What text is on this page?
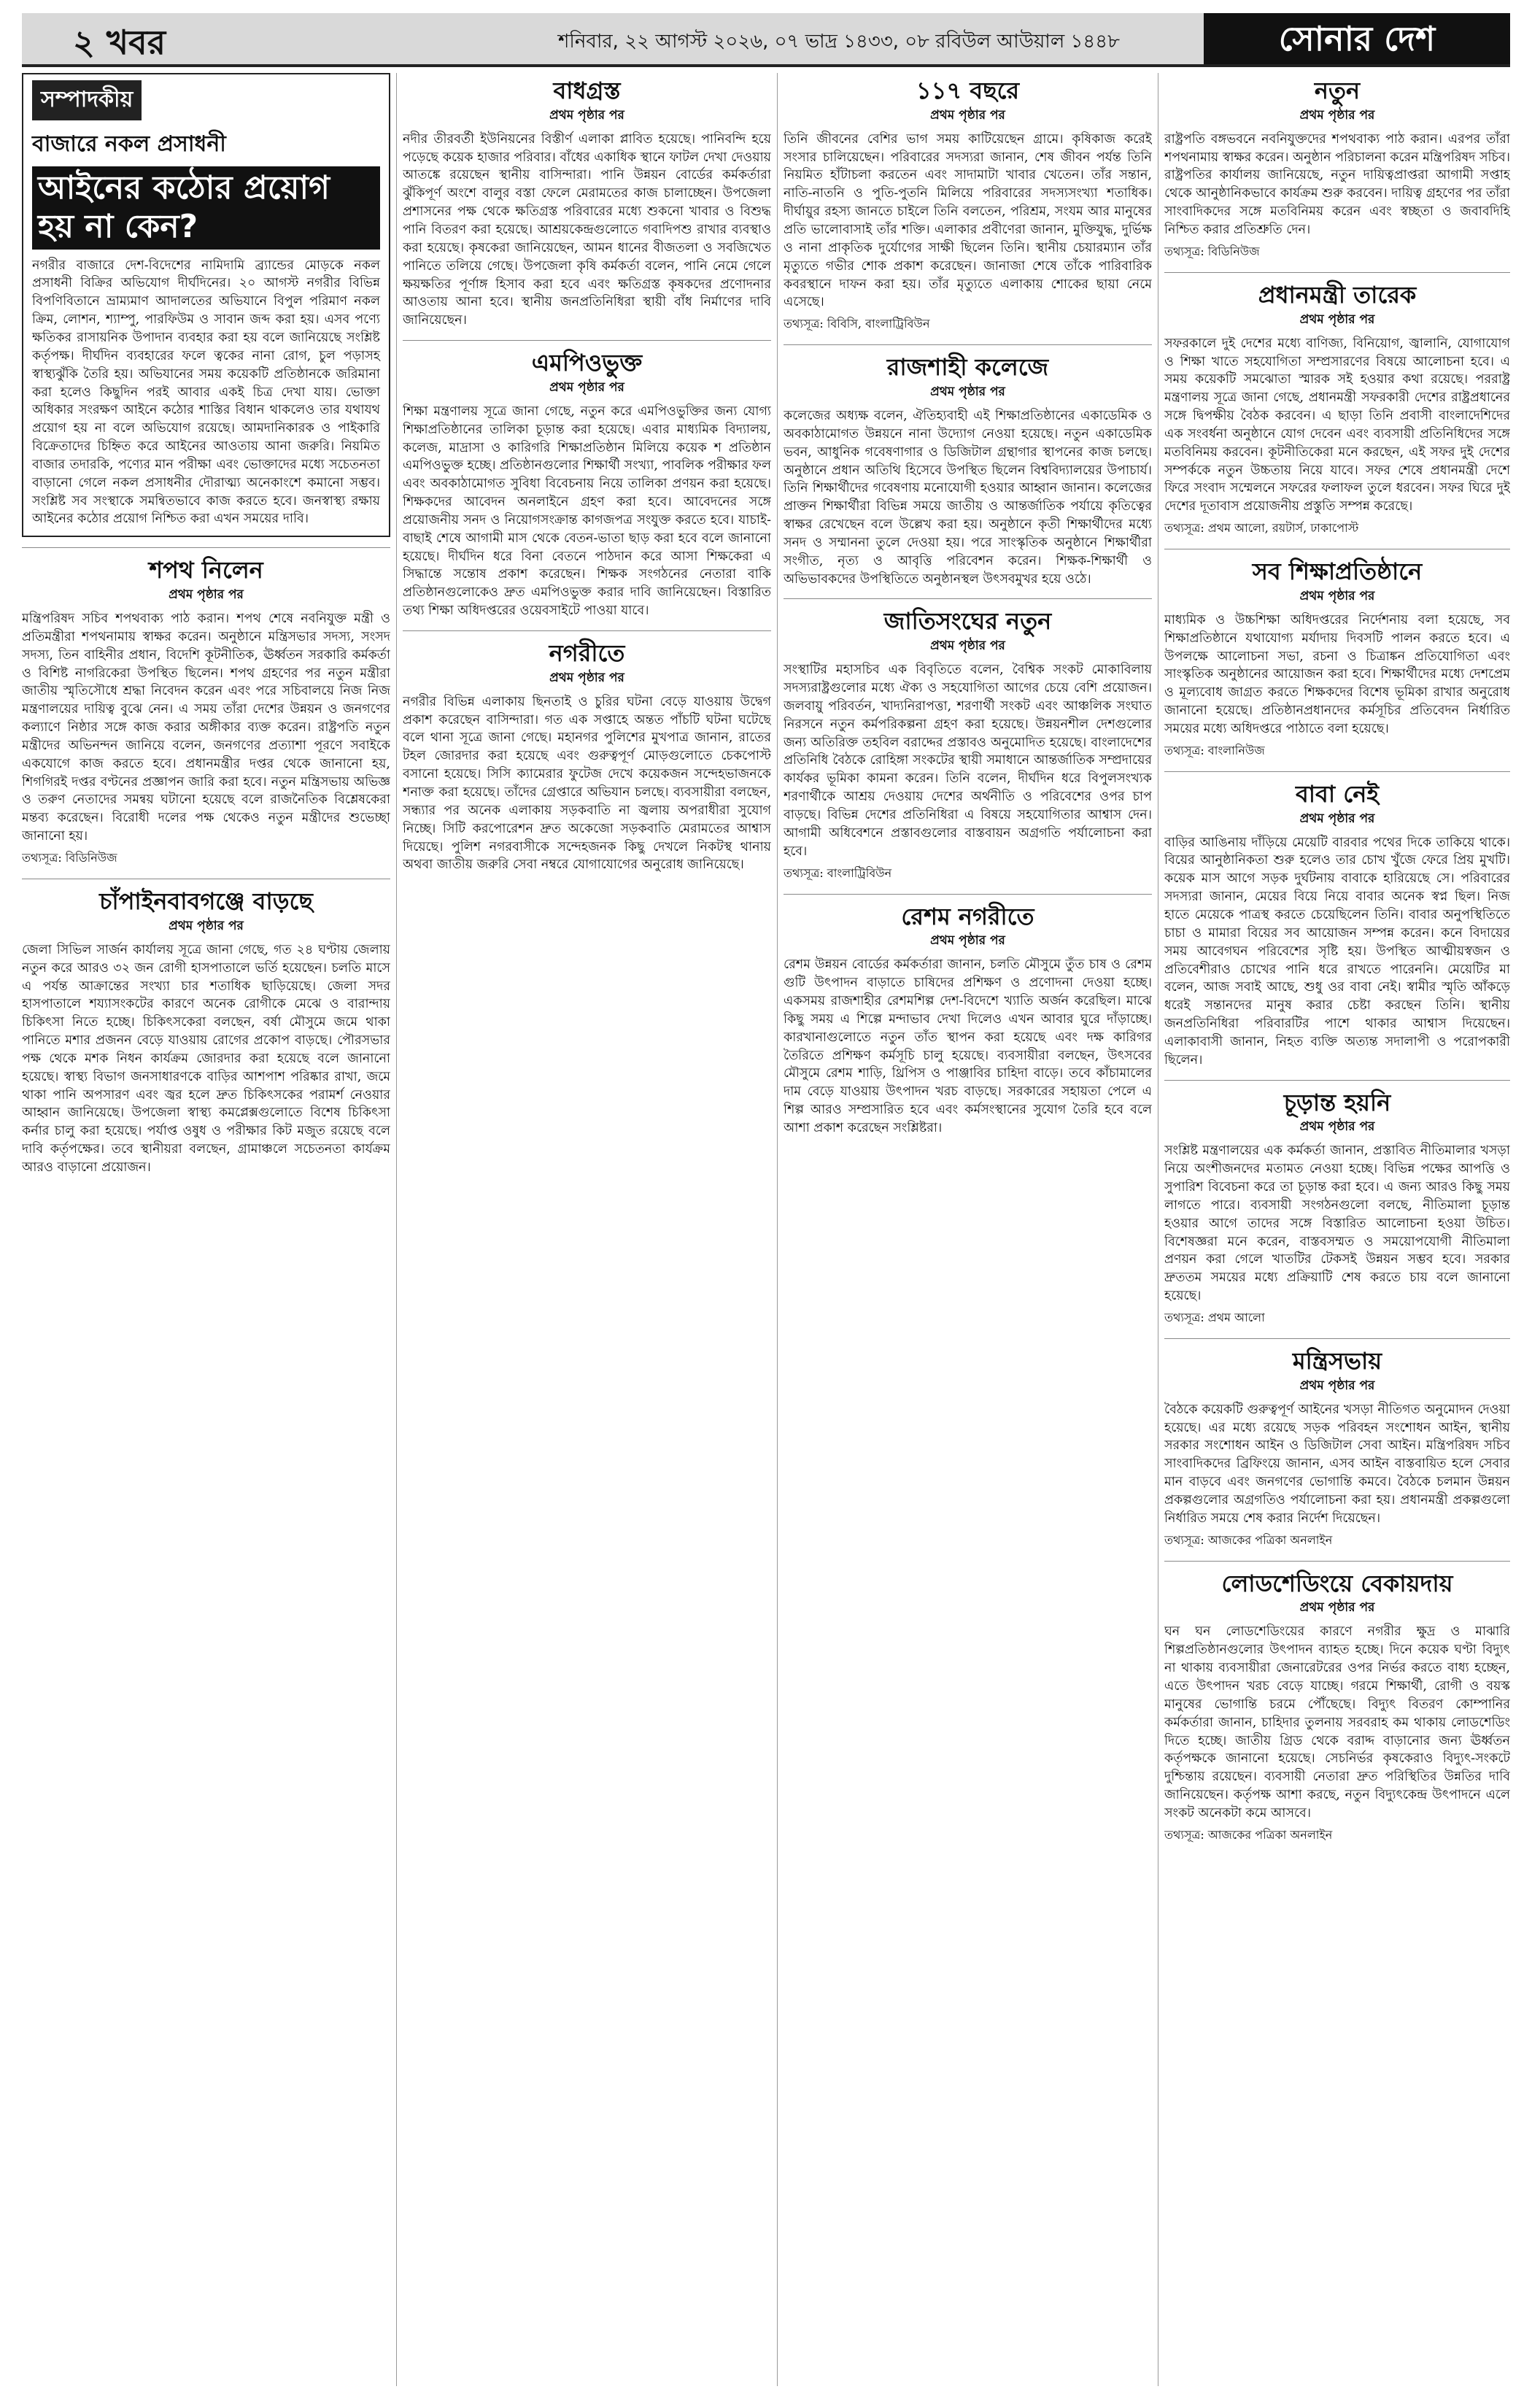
২ খবর	শনিবার, ২২ আগস্ট ২০২৬, ০৭ ভাদ্র ১৪৩৩, ০৮ রবিউল আউয়াল ১৪৪৮	সোনার দেশ
সম্পাদকীয়
বাজারে নকল প্রসাধনী
আইনের কঠোর প্রয়োগ হয় না কেন?

নগরীর বাজারে দেশ-বিদেশের নামিদামি ব্র্যান্ডের মোড়কে নকল প্রসাধনী বিক্রির অভিযোগ দীর্ঘদিনের। ২০ আগস্ট নগরীর বিভিন্ন বিপণিবিতানে ভ্রাম্যমাণ আদালতের অভিযানে বিপুল পরিমাণ নকল ক্রিম, লোশন, শ্যাম্পু, পারফিউম ও সাবান জব্দ করা হয়। এসব পণ্যে ক্ষতিকর রাসায়নিক উপাদান ব্যবহার করা হয় বলে জানিয়েছে সংশ্লিষ্ট কর্তৃপক্ষ। দীর্ঘদিন ব্যবহারের ফলে ত্বকের নানা রোগ, চুল পড়াসহ স্বাস্থ্যঝুঁকি তৈরি হয়। অভিযানের সময় কয়েকটি প্রতিষ্ঠানকে জরিমানা করা হলেও কিছুদিন পরই আবার একই চিত্র দেখা যায়। ভোক্তা অধিকার সংরক্ষণ আইনে কঠোর শাস্তির বিধান থাকলেও তার যথাযথ প্রয়োগ হয় না বলে অভিযোগ রয়েছে। আমদানিকারক ও পাইকারি বিক্রেতাদের চিহ্নিত করে আইনের আওতায় আনা জরুরি। নিয়মিত বাজার তদারকি, পণ্যের মান পরীক্ষা এবং ভোক্তাদের মধ্যে সচেতনতা বাড়ানো গেলে নকল প্রসাধনীর দৌরাত্ম্য অনেকাংশে কমানো সম্ভব। সংশ্লিষ্ট সব সংস্থাকে সমন্বিতভাবে কাজ করতে হবে। জনস্বাস্থ্য রক্ষায় আইনের কঠোর প্রয়োগ নিশ্চিত করা এখন সময়ের দাবি।

শপথ নিলেন
প্রথম পৃষ্ঠার পর

মন্ত্রিপরিষদ সচিব শপথবাক্য পাঠ করান। শপথ শেষে নবনিযুক্ত মন্ত্রী ও প্রতিমন্ত্রীরা শপথনামায় স্বাক্ষর করেন। অনুষ্ঠানে মন্ত্রিসভার সদস্য, সংসদ সদস্য, তিন বাহিনীর প্রধান, বিদেশি কূটনীতিক, ঊর্ধ্বতন সরকারি কর্মকর্তা ও বিশিষ্ট নাগরিকেরা উপস্থিত ছিলেন। শপথ গ্রহণের পর নতুন মন্ত্রীরা জাতীয় স্মৃতিসৌধে শ্রদ্ধা নিবেদন করেন এবং পরে সচিবালয়ে নিজ নিজ মন্ত্রণালয়ের দায়িত্ব বুঝে নেন। এ সময় তাঁরা দেশের উন্নয়ন ও জনগণের কল্যাণে নিষ্ঠার সঙ্গে কাজ করার অঙ্গীকার ব্যক্ত করেন। রাষ্ট্রপতি নতুন মন্ত্রীদের অভিনন্দন জানিয়ে বলেন, জনগণের প্রত্যাশা পূরণে সবাইকে একযোগে কাজ করতে হবে। প্রধানমন্ত্রীর দপ্তর থেকে জানানো হয়, শিগগিরই দপ্তর বণ্টনের প্রজ্ঞাপন জারি করা হবে। নতুন মন্ত্রিসভায় অভিজ্ঞ ও তরুণ নেতাদের সমন্বয় ঘটানো হয়েছে বলে রাজনৈতিক বিশ্লেষকেরা মন্তব্য করেছেন। বিরোধী দলের পক্ষ থেকেও নতুন মন্ত্রীদের শুভেচ্ছা জানানো হয়।

তথ্যসূত্র: বিডিনিউজ
চাঁপাইনবাবগঞ্জে বাড়ছে
প্রথম পৃষ্ঠার পর

জেলা সিভিল সার্জন কার্যালয় সূত্রে জানা গেছে, গত ২৪ ঘণ্টায় জেলায় নতুন করে আরও ৩২ জন রোগী হাসপাতালে ভর্তি হয়েছেন। চলতি মাসে এ পর্যন্ত আক্রান্তের সংখ্যা চার শতাধিক ছাড়িয়েছে। জেলা সদর হাসপাতালে শয্যাসংকটের কারণে অনেক রোগীকে মেঝে ও বারান্দায় চিকিৎসা নিতে হচ্ছে। চিকিৎসকেরা বলছেন, বর্ষা মৌসুমে জমে থাকা পানিতে মশার প্রজনন বেড়ে যাওয়ায় রোগের প্রকোপ বাড়ছে। পৌরসভার পক্ষ থেকে মশক নিধন কার্যক্রম জোরদার করা হয়েছে বলে জানানো হয়েছে। স্বাস্থ্য বিভাগ জনসাধারণকে বাড়ির আশপাশ পরিষ্কার রাখা, জমে থাকা পানি অপসারণ এবং জ্বর হলে দ্রুত চিকিৎসকের পরামর্শ নেওয়ার আহ্বান জানিয়েছে। উপজেলা স্বাস্থ্য কমপ্লেক্সগুলোতে বিশেষ চিকিৎসা কর্নার চালু করা হয়েছে। পর্যাপ্ত ওষুধ ও পরীক্ষার কিট মজুত রয়েছে বলে দাবি কর্তৃপক্ষের। তবে স্থানীয়রা বলছেন, গ্রামাঞ্চলে সচেতনতা কার্যক্রম আরও বাড়ানো প্রয়োজন।

বাধগ্রস্ত
প্রথম পৃষ্ঠার পর

নদীর তীরবর্তী ইউনিয়নের বিস্তীর্ণ এলাকা প্লাবিত হয়েছে। পানিবন্দি হয়ে পড়েছে কয়েক হাজার পরিবার। বাঁধের একাধিক স্থানে ফাটল দেখা দেওয়ায় আতঙ্কে রয়েছেন স্থানীয় বাসিন্দারা। পানি উন্নয়ন বোর্ডের কর্মকর্তারা ঝুঁকিপূর্ণ অংশে বালুর বস্তা ফেলে মেরামতের কাজ চালাচ্ছেন। উপজেলা প্রশাসনের পক্ষ থেকে ক্ষতিগ্রস্ত পরিবারের মধ্যে শুকনো খাবার ও বিশুদ্ধ পানি বিতরণ করা হয়েছে। আশ্রয়কেন্দ্রগুলোতে গবাদিপশু রাখার ব্যবস্থাও করা হয়েছে। কৃষকেরা জানিয়েছেন, আমন ধানের বীজতলা ও সবজিখেত পানিতে তলিয়ে গেছে। উপজেলা কৃষি কর্মকর্তা বলেন, পানি নেমে গেলে ক্ষয়ক্ষতির পূর্ণাঙ্গ হিসাব করা হবে এবং ক্ষতিগ্রস্ত কৃষকদের প্রণোদনার আওতায় আনা হবে। স্থানীয় জনপ্রতিনিধিরা স্থায়ী বাঁধ নির্মাণের দাবি জানিয়েছেন।

এমপিওভুক্ত
প্রথম পৃষ্ঠার পর

শিক্ষা মন্ত্রণালয় সূত্রে জানা গেছে, নতুন করে এমপিওভুক্তির জন্য যোগ্য শিক্ষাপ্রতিষ্ঠানের তালিকা চূড়ান্ত করা হয়েছে। এবার মাধ্যমিক বিদ্যালয়, কলেজ, মাদ্রাসা ও কারিগরি শিক্ষাপ্রতিষ্ঠান মিলিয়ে কয়েক শ প্রতিষ্ঠান এমপিওভুক্ত হচ্ছে। প্রতিষ্ঠানগুলোর শিক্ষার্থী সংখ্যা, পাবলিক পরীক্ষার ফল এবং অবকাঠামোগত সুবিধা বিবেচনায় নিয়ে তালিকা প্রণয়ন করা হয়েছে। শিক্ষকদের আবেদন অনলাইনে গ্রহণ করা হবে। আবেদনের সঙ্গে প্রয়োজনীয় সনদ ও নিয়োগসংক্রান্ত কাগজপত্র সংযুক্ত করতে হবে। যাচাই-বাছাই শেষে আগামী মাস থেকে বেতন-ভাতা ছাড় করা হবে বলে জানানো হয়েছে। দীর্ঘদিন ধরে বিনা বেতনে পাঠদান করে আসা শিক্ষকেরা এ সিদ্ধান্তে সন্তোষ প্রকাশ করেছেন। শিক্ষক সংগঠনের নেতারা বাকি প্রতিষ্ঠানগুলোকেও দ্রুত এমপিওভুক্ত করার দাবি জানিয়েছেন। বিস্তারিত তথ্য শিক্ষা অধিদপ্তরের ওয়েবসাইটে পাওয়া যাবে।

নগরীতে
প্রথম পৃষ্ঠার পর

নগরীর বিভিন্ন এলাকায় ছিনতাই ও চুরির ঘটনা বেড়ে যাওয়ায় উদ্বেগ প্রকাশ করেছেন বাসিন্দারা। গত এক সপ্তাহে অন্তত পাঁচটি ঘটনা ঘটেছে বলে থানা সূত্রে জানা গেছে। মহানগর পুলিশের মুখপাত্র জানান, রাতের টহল জোরদার করা হয়েছে এবং গুরুত্বপূর্ণ মোড়গুলোতে চেকপোস্ট বসানো হয়েছে। সিসি ক্যামেরার ফুটেজ দেখে কয়েকজন সন্দেহভাজনকে শনাক্ত করা হয়েছে। তাঁদের গ্রেপ্তারে অভিযান চলছে। ব্যবসায়ীরা বলছেন, সন্ধ্যার পর অনেক এলাকায় সড়কবাতি না জ্বলায় অপরাধীরা সুযোগ নিচ্ছে। সিটি করপোরেশন দ্রুত অকেজো সড়কবাতি মেরামতের আশ্বাস দিয়েছে। পুলিশ নগরবাসীকে সন্দেহজনক কিছু দেখলে নিকটস্থ থানায় অথবা জাতীয় জরুরি সেবা নম্বরে যোগাযোগের অনুরোধ জানিয়েছে।

১১৭ বছরে
প্রথম পৃষ্ঠার পর

তিনি জীবনের বেশির ভাগ সময় কাটিয়েছেন গ্রামে। কৃষিকাজ করেই সংসার চালিয়েছেন। পরিবারের সদস্যরা জানান, শেষ জীবন পর্যন্ত তিনি নিয়মিত হাঁটাচলা করতেন এবং সাদামাটা খাবার খেতেন। তাঁর সন্তান, নাতি-নাতনি ও পুতি-পুতনি মিলিয়ে পরিবারের সদস্যসংখ্যা শতাধিক। দীর্ঘায়ুর রহস্য জানতে চাইলে তিনি বলতেন, পরিশ্রম, সংযম আর মানুষের প্রতি ভালোবাসাই তাঁর শক্তি। এলাকার প্রবীণেরা জানান, মুক্তিযুদ্ধ, দুর্ভিক্ষ ও নানা প্রাকৃতিক দুর্যোগের সাক্ষী ছিলেন তিনি। স্থানীয় চেয়ারম্যান তাঁর মৃত্যুতে গভীর শোক প্রকাশ করেছেন। জানাজা শেষে তাঁকে পারিবারিক কবরস্থানে দাফন করা হয়। তাঁর মৃত্যুতে এলাকায় শোকের ছায়া নেমে এসেছে।

তথ্যসূত্র: বিবিসি, বাংলাট্রিবিউন
রাজশাহী কলেজে
প্রথম পৃষ্ঠার পর

কলেজের অধ্যক্ষ বলেন, ঐতিহ্যবাহী এই শিক্ষাপ্রতিষ্ঠানের একাডেমিক ও অবকাঠামোগত উন্নয়নে নানা উদ্যোগ নেওয়া হয়েছে। নতুন একাডেমিক ভবন, আধুনিক গবেষণাগার ও ডিজিটাল গ্রন্থাগার স্থাপনের কাজ চলছে। অনুষ্ঠানে প্রধান অতিথি হিসেবে উপস্থিত ছিলেন বিশ্ববিদ্যালয়ের উপাচার্য। তিনি শিক্ষার্থীদের গবেষণায় মনোযোগী হওয়ার আহ্বান জানান। কলেজের প্রাক্তন শিক্ষার্থীরা বিভিন্ন সময়ে জাতীয় ও আন্তর্জাতিক পর্যায়ে কৃতিত্বের স্বাক্ষর রেখেছেন বলে উল্লেখ করা হয়। অনুষ্ঠানে কৃতী শিক্ষার্থীদের মধ্যে সনদ ও সম্মাননা তুলে দেওয়া হয়। পরে সাংস্কৃতিক অনুষ্ঠানে শিক্ষার্থীরা সংগীত, নৃত্য ও আবৃত্তি পরিবেশন করেন। শিক্ষক-শিক্ষার্থী ও অভিভাবকদের উপস্থিতিতে অনুষ্ঠানস্থল উৎসবমুখর হয়ে ওঠে।

জাতিসংঘের নতুন
প্রথম পৃষ্ঠার পর

সংস্থাটির মহাসচিব এক বিবৃতিতে বলেন, বৈশ্বিক সংকট মোকাবিলায় সদস্যরাষ্ট্রগুলোর মধ্যে ঐক্য ও সহযোগিতা আগের চেয়ে বেশি প্রয়োজন। জলবায়ু পরিবর্তন, খাদ্যনিরাপত্তা, শরণার্থী সংকট এবং আঞ্চলিক সংঘাত নিরসনে নতুন কর্মপরিকল্পনা গ্রহণ করা হয়েছে। উন্নয়নশীল দেশগুলোর জন্য অতিরিক্ত তহবিল বরাদ্দের প্রস্তাবও অনুমোদিত হয়েছে। বাংলাদেশের প্রতিনিধি বৈঠকে রোহিঙ্গা সংকটের স্থায়ী সমাধানে আন্তর্জাতিক সম্প্রদায়ের কার্যকর ভূমিকা কামনা করেন। তিনি বলেন, দীর্ঘদিন ধরে বিপুলসংখ্যক শরণার্থীকে আশ্রয় দেওয়ায় দেশের অর্থনীতি ও পরিবেশের ওপর চাপ বাড়ছে। বিভিন্ন দেশের প্রতিনিধিরা এ বিষয়ে সহযোগিতার আশ্বাস দেন। আগামী অধিবেশনে প্রস্তাবগুলোর বাস্তবায়ন অগ্রগতি পর্যালোচনা করা হবে।

তথ্যসূত্র: বাংলাট্রিবিউন
রেশম নগরীতে
প্রথম পৃষ্ঠার পর

রেশম উন্নয়ন বোর্ডের কর্মকর্তারা জানান, চলতি মৌসুমে তুঁত চাষ ও রেশম গুটি উৎপাদন বাড়াতে চাষিদের প্রশিক্ষণ ও প্রণোদনা দেওয়া হচ্ছে। একসময় রাজশাহীর রেশমশিল্প দেশ-বিদেশে খ্যাতি অর্জন করেছিল। মাঝে কিছু সময় এ শিল্পে মন্দাভাব দেখা দিলেও এখন আবার ঘুরে দাঁড়াচ্ছে। কারখানাগুলোতে নতুন তাঁত স্থাপন করা হয়েছে এবং দক্ষ কারিগর তৈরিতে প্রশিক্ষণ কর্মসূচি চালু হয়েছে। ব্যবসায়ীরা বলছেন, উৎসবের মৌসুমে রেশম শাড়ি, থ্রিপিস ও পাঞ্জাবির চাহিদা বাড়ে। তবে কাঁচামালের দাম বেড়ে যাওয়ায় উৎপাদন খরচ বাড়ছে। সরকারের সহায়তা পেলে এ শিল্প আরও সম্প্রসারিত হবে এবং কর্মসংস্থানের সুযোগ তৈরি হবে বলে আশা প্রকাশ করেছেন সংশ্লিষ্টরা।

নতুন
প্রথম পৃষ্ঠার পর

রাষ্ট্রপতি বঙ্গভবনে নবনিযুক্তদের শপথবাক্য পাঠ করান। এরপর তাঁরা শপথনামায় স্বাক্ষর করেন। অনুষ্ঠান পরিচালনা করেন মন্ত্রিপরিষদ সচিব। রাষ্ট্রপতির কার্যালয় জানিয়েছে, নতুন দায়িত্বপ্রাপ্তরা আগামী সপ্তাহ থেকে আনুষ্ঠানিকভাবে কার্যক্রম শুরু করবেন। দায়িত্ব গ্রহণের পর তাঁরা সাংবাদিকদের সঙ্গে মতবিনিময় করেন এবং স্বচ্ছতা ও জবাবদিহি নিশ্চিত করার প্রতিশ্রুতি দেন।

তথ্যসূত্র: বিডিনিউজ
প্রধানমন্ত্রী তারেক
প্রথম পৃষ্ঠার পর

সফরকালে দুই দেশের মধ্যে বাণিজ্য, বিনিয়োগ, জ্বালানি, যোগাযোগ ও শিক্ষা খাতে সহযোগিতা সম্প্রসারণের বিষয়ে আলোচনা হবে। এ সময় কয়েকটি সমঝোতা স্মারক সই হওয়ার কথা রয়েছে। পররাষ্ট্র মন্ত্রণালয় সূত্রে জানা গেছে, প্রধানমন্ত্রী সফরকারী দেশের রাষ্ট্রপ্রধানের সঙ্গে দ্বিপক্ষীয় বৈঠক করবেন। এ ছাড়া তিনি প্রবাসী বাংলাদেশিদের এক সংবর্ধনা অনুষ্ঠানে যোগ দেবেন এবং ব্যবসায়ী প্রতিনিধিদের সঙ্গে মতবিনিময় করবেন। কূটনীতিকেরা মনে করছেন, এই সফর দুই দেশের সম্পর্ককে নতুন উচ্চতায় নিয়ে যাবে। সফর শেষে প্রধানমন্ত্রী দেশে ফিরে সংবাদ সম্মেলনে সফরের ফলাফল তুলে ধরবেন। সফর ঘিরে দুই দেশের দূতাবাস প্রয়োজনীয় প্রস্তুতি সম্পন্ন করেছে।

তথ্যসূত্র: প্রথম আলো, রয়টার্স, ঢাকাপোস্ট
সব শিক্ষাপ্রতিষ্ঠানে
প্রথম পৃষ্ঠার পর

মাধ্যমিক ও উচ্চশিক্ষা অধিদপ্তরের নির্দেশনায় বলা হয়েছে, সব শিক্ষাপ্রতিষ্ঠানে যথাযোগ্য মর্যাদায় দিবসটি পালন করতে হবে। এ উপলক্ষে আলোচনা সভা, রচনা ও চিত্রাঙ্কন প্রতিযোগিতা এবং সাংস্কৃতিক অনুষ্ঠানের আয়োজন করা হবে। শিক্ষার্থীদের মধ্যে দেশপ্রেম ও মূল্যবোধ জাগ্রত করতে শিক্ষকদের বিশেষ ভূমিকা রাখার অনুরোধ জানানো হয়েছে। প্রতিষ্ঠানপ্রধানদের কর্মসূচির প্রতিবেদন নির্ধারিত সময়ের মধ্যে অধিদপ্তরে পাঠাতে বলা হয়েছে।

তথ্যসূত্র: বাংলানিউজ
বাবা নেই
প্রথম পৃষ্ঠার পর

বাড়ির আঙিনায় দাঁড়িয়ে মেয়েটি বারবার পথের দিকে তাকিয়ে থাকে। বিয়ের আনুষ্ঠানিকতা শুরু হলেও তার চোখ খুঁজে ফেরে প্রিয় মুখটি। কয়েক মাস আগে সড়ক দুর্ঘটনায় বাবাকে হারিয়েছে সে। পরিবারের সদস্যরা জানান, মেয়ের বিয়ে নিয়ে বাবার অনেক স্বপ্ন ছিল। নিজ হাতে মেয়েকে পাত্রস্থ করতে চেয়েছিলেন তিনি। বাবার অনুপস্থিতিতে চাচা ও মামারা বিয়ের সব আয়োজন সম্পন্ন করেন। কনে বিদায়ের সময় আবেগঘন পরিবেশের সৃষ্টি হয়। উপস্থিত আত্মীয়স্বজন ও প্রতিবেশীরাও চোখের পানি ধরে রাখতে পারেননি। মেয়েটির মা বলেন, আজ সবাই আছে, শুধু ওর বাবা নেই। স্বামীর স্মৃতি আঁকড়ে ধরেই সন্তানদের মানুষ করার চেষ্টা করছেন তিনি। স্থানীয় জনপ্রতিনিধিরা পরিবারটির পাশে থাকার আশ্বাস দিয়েছেন। এলাকাবাসী জানান, নিহত ব্যক্তি অত্যন্ত সদালাপী ও পরোপকারী ছিলেন।

চূড়ান্ত হয়নি
প্রথম পৃষ্ঠার পর

সংশ্লিষ্ট মন্ত্রণালয়ের এক কর্মকর্তা জানান, প্রস্তাবিত নীতিমালার খসড়া নিয়ে অংশীজনদের মতামত নেওয়া হচ্ছে। বিভিন্ন পক্ষের আপত্তি ও সুপারিশ বিবেচনা করে তা চূড়ান্ত করা হবে। এ জন্য আরও কিছু সময় লাগতে পারে। ব্যবসায়ী সংগঠনগুলো বলছে, নীতিমালা চূড়ান্ত হওয়ার আগে তাদের সঙ্গে বিস্তারিত আলোচনা হওয়া উচিত। বিশেষজ্ঞরা মনে করেন, বাস্তবসম্মত ও সময়োপযোগী নীতিমালা প্রণয়ন করা গেলে খাতটির টেকসই উন্নয়ন সম্ভব হবে। সরকার দ্রুততম সময়ের মধ্যে প্রক্রিয়াটি শেষ করতে চায় বলে জানানো হয়েছে।

তথ্যসূত্র: প্রথম আলো
মন্ত্রিসভায়
প্রথম পৃষ্ঠার পর

বৈঠকে কয়েকটি গুরুত্বপূর্ণ আইনের খসড়া নীতিগত অনুমোদন দেওয়া হয়েছে। এর মধ্যে রয়েছে সড়ক পরিবহন সংশোধন আইন, স্থানীয় সরকার সংশোধন আইন ও ডিজিটাল সেবা আইন। মন্ত্রিপরিষদ সচিব সাংবাদিকদের ব্রিফিংয়ে জানান, এসব আইন বাস্তবায়িত হলে সেবার মান বাড়বে এবং জনগণের ভোগান্তি কমবে। বৈঠকে চলমান উন্নয়ন প্রকল্পগুলোর অগ্রগতিও পর্যালোচনা করা হয়। প্রধানমন্ত্রী প্রকল্পগুলো নির্ধারিত সময়ে শেষ করার নির্দেশ দিয়েছেন।

তথ্যসূত্র: আজকের পত্রিকা অনলাইন
লোডশেডিংয়ে বেকায়দায়
প্রথম পৃষ্ঠার পর

ঘন ঘন লোডশেডিংয়ের কারণে নগরীর ক্ষুদ্র ও মাঝারি শিল্পপ্রতিষ্ঠানগুলোর উৎপাদন ব্যাহত হচ্ছে। দিনে কয়েক ঘণ্টা বিদ্যুৎ না থাকায় ব্যবসায়ীরা জেনারেটরের ওপর নির্ভর করতে বাধ্য হচ্ছেন, এতে উৎপাদন খরচ বেড়ে যাচ্ছে। গরমে শিক্ষার্থী, রোগী ও বয়স্ক মানুষের ভোগান্তি চরমে পৌঁছেছে। বিদ্যুৎ বিতরণ কোম্পানির কর্মকর্তারা জানান, চাহিদার তুলনায় সরবরাহ কম থাকায় লোডশেডিং দিতে হচ্ছে। জাতীয় গ্রিড থেকে বরাদ্দ বাড়ানোর জন্য ঊর্ধ্বতন কর্তৃপক্ষকে জানানো হয়েছে। সেচনির্ভর কৃষকেরাও বিদ্যুৎ-সংকটে দুশ্চিন্তায় রয়েছেন। ব্যবসায়ী নেতারা দ্রুত পরিস্থিতির উন্নতির দাবি জানিয়েছেন। কর্তৃপক্ষ আশা করছে, নতুন বিদ্যুৎকেন্দ্র উৎপাদনে এলে সংকট অনেকটা কমে আসবে।

তথ্যসূত্র: আজকের পত্রিকা অনলাইন
